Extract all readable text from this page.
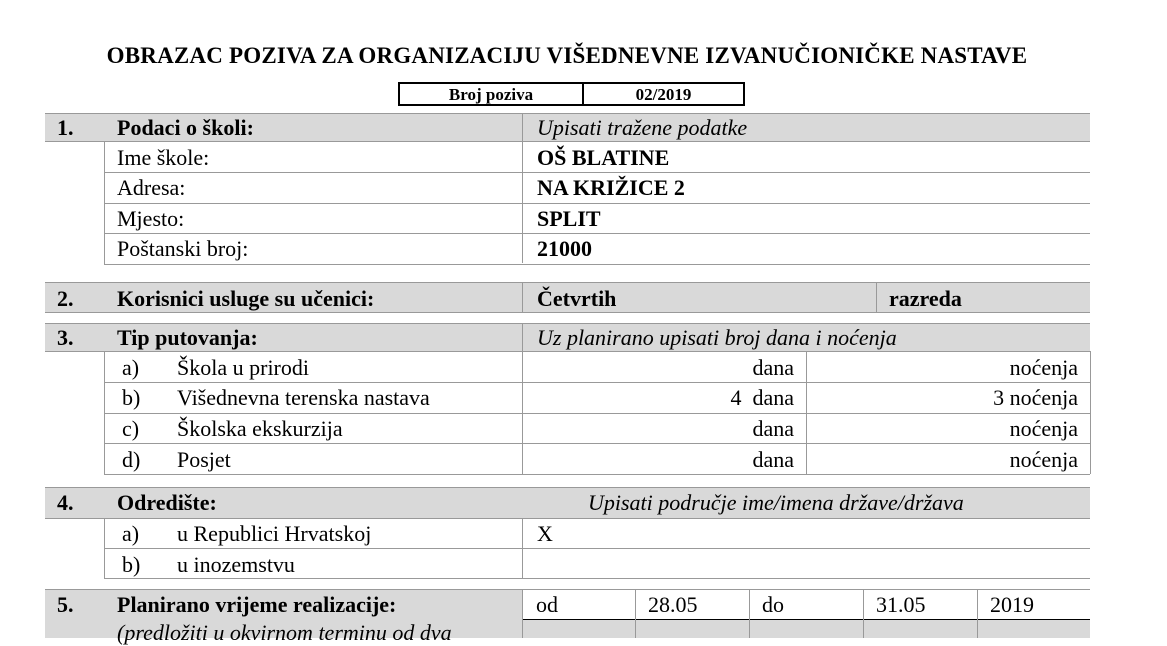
OBRAZAC POZIVA ZA ORGANIZACIJU VIŠEDNEVNE IZVANUČIONIČKE NASTAVE
Broj poziva	02/2019
1. Podaci o školi:	Upisati tražene podatke
Ime škole:	OŠ BLATINE
Adresa:	NA KRIŽICE 2
Mjesto:	SPLIT
Poštanski broj:	21000
2. Korisnici usluge su učenici:	Četvrtih	razreda
3. Tip putovanja:	Uz planirano upisati broj dana i noćenja
a) Škola u prirodi	dana	noćenja
b) Višednevna terenska nastava	4  dana	3 noćenja
c) Školska ekskurzija	dana	noćenja
d) Posjet	dana	noćenja
4. Odredište:	Upisati područje ime/imena države/država
a) u Republici Hrvatskoj	X
b) u inozemstvu
5. Planirano vrijeme realizacije:
(predložiti u okvirnom terminu od dva
od	28.05	do	31.05	2019
